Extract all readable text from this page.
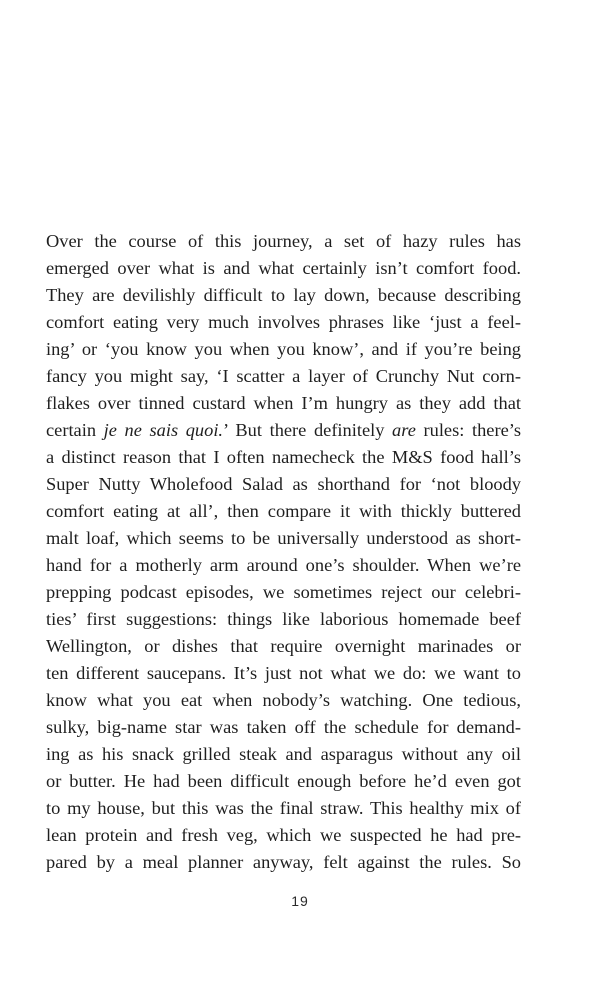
Over the course of this journey, a set of hazy rules has
emerged over what is and what certainly isn’t comfort food.
They are devilishly difficult to lay down, because describing
comfort eating very much involves phrases like ‘just a feel-
ing’ or ‘you know you when you know’, and if you’re being
fancy you might say, ‘I scatter a layer of Crunchy Nut corn-
flakes over tinned custard when I’m hungry as they add that
certain je ne sais quoi.’ But there definitely are rules: there’s
a distinct reason that I often namecheck the M&S food hall’s
Super Nutty Wholefood Salad as shorthand for ‘not bloody
comfort eating at all’, then compare it with thickly buttered
malt loaf, which seems to be universally understood as short-
hand for a motherly arm around one’s shoulder. When we’re
prepping podcast episodes, we sometimes reject our celebri-
ties’ first suggestions: things like laborious homemade beef
Wellington, or dishes that require overnight marinades or
ten different saucepans. It’s just not what we do: we want to
know what you eat when nobody’s watching. One tedious,
sulky, big-name star was taken off the schedule for demand-
ing as his snack grilled steak and asparagus without any oil
or butter. He had been difficult enough before he’d even got
to my house, but this was the final straw. This healthy mix of
lean protein and fresh veg, which we suspected he had pre-
pared by a meal planner anyway, felt against the rules. So
19
